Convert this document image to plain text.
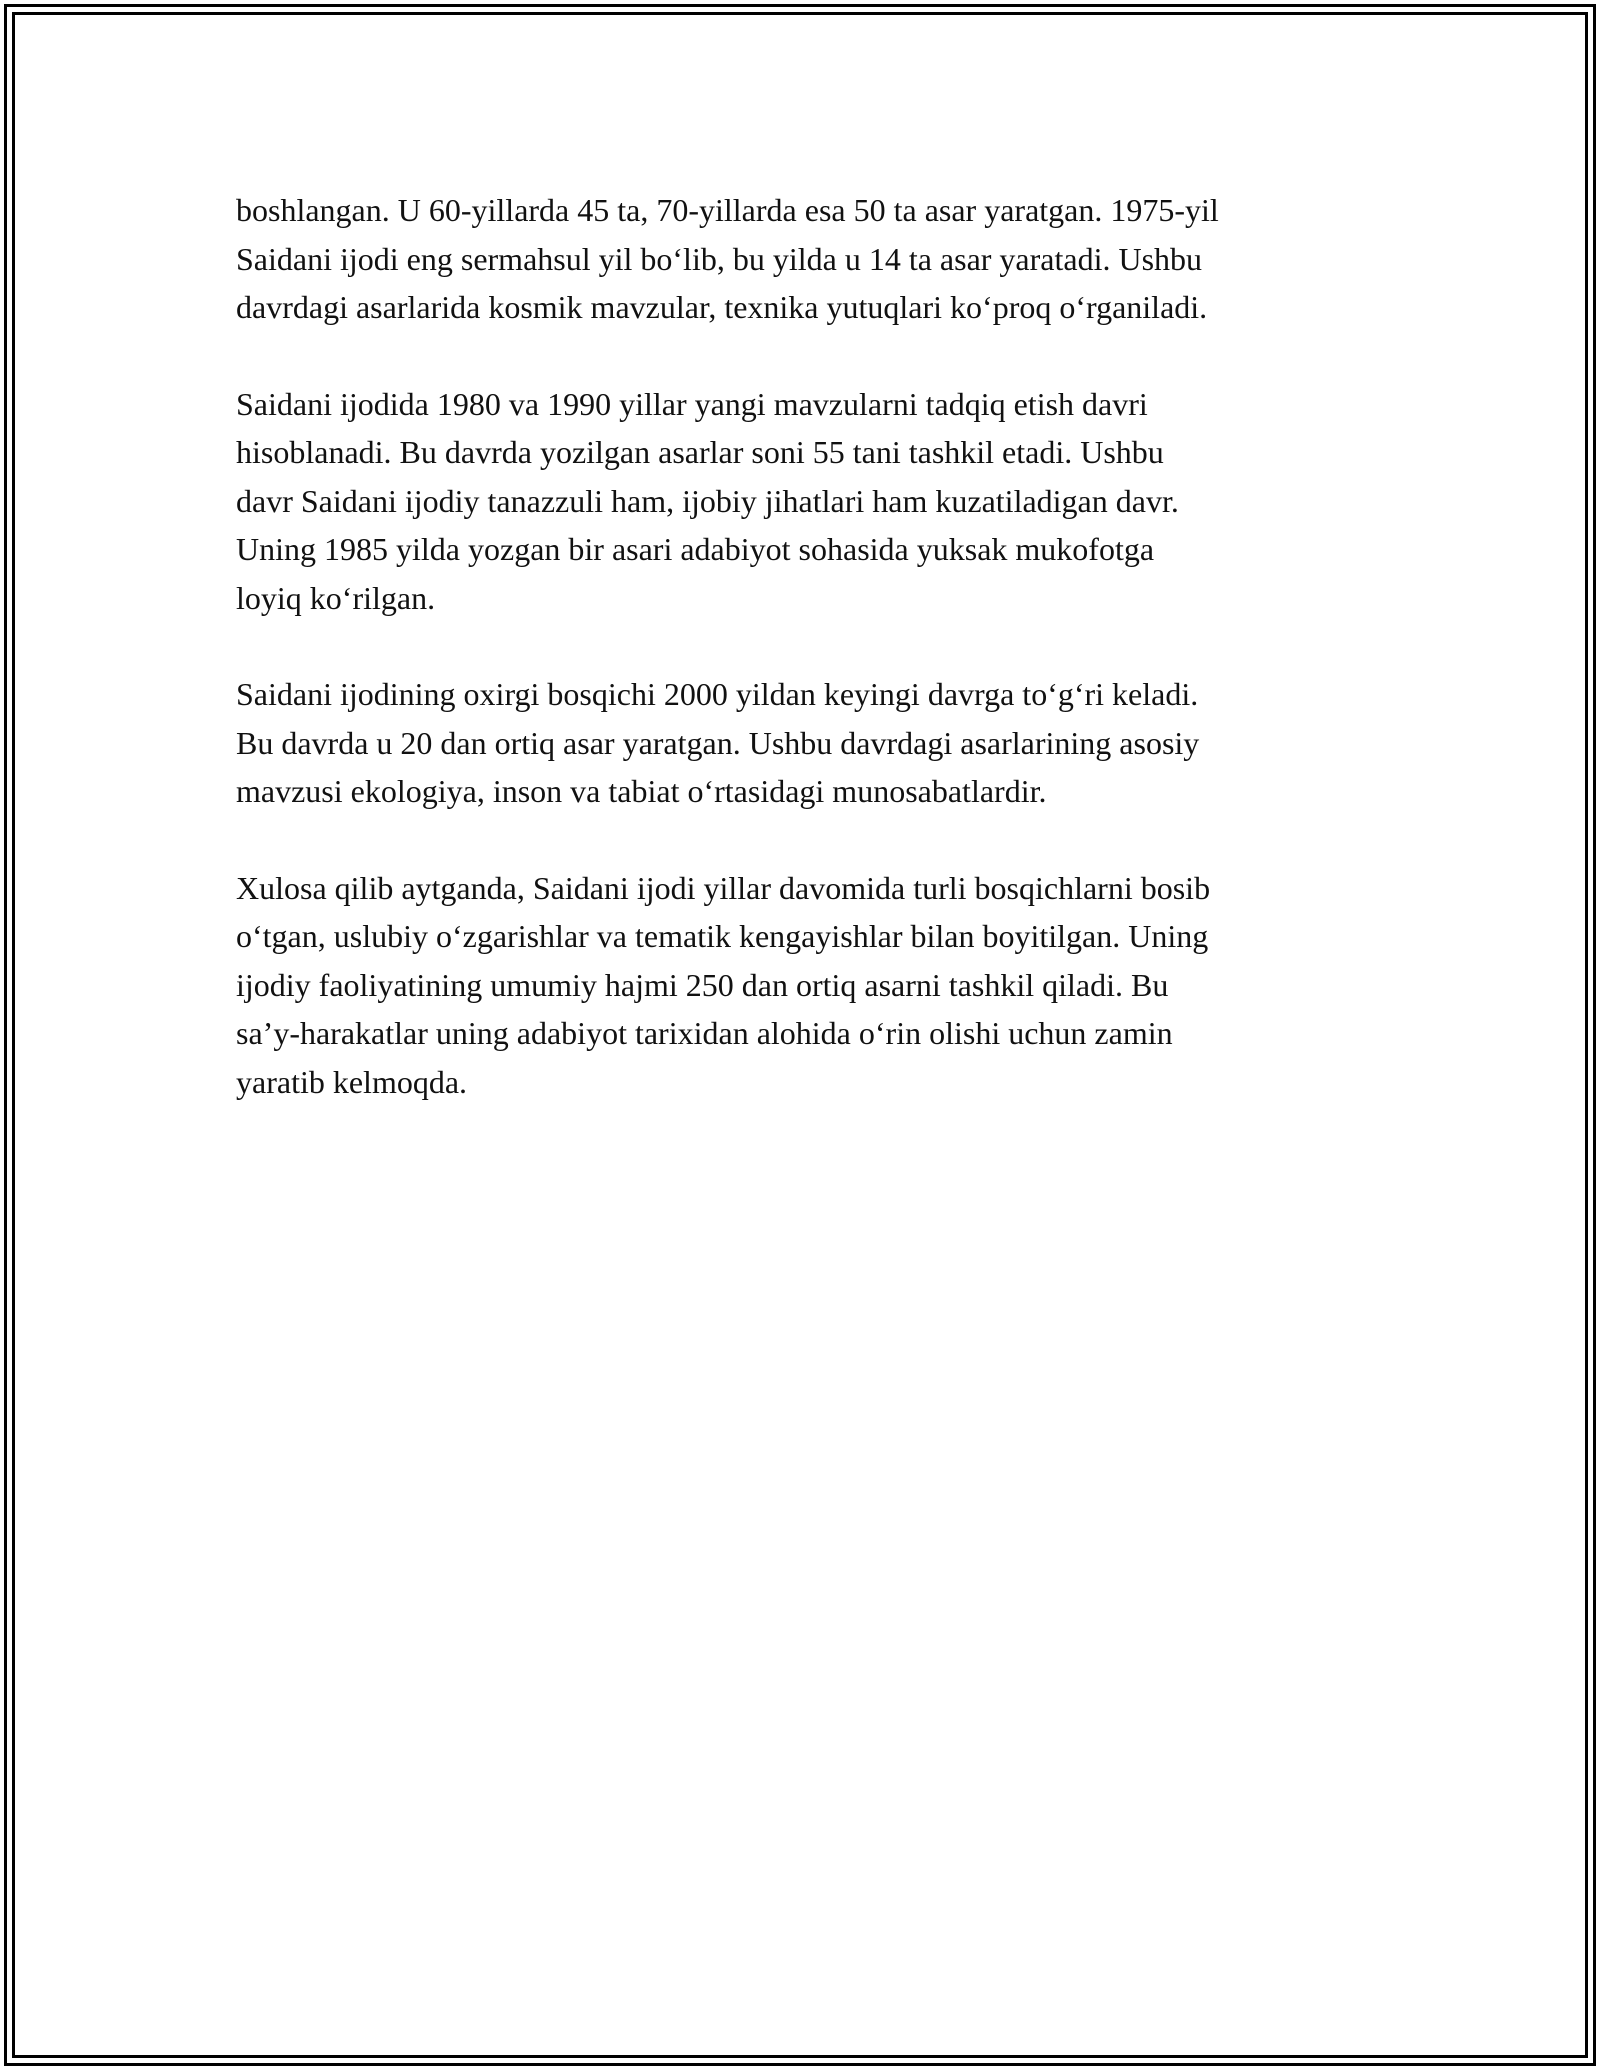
boshlangan. U 60-yillarda 45 ta, 70-yillarda esa 50 ta asar yaratgan. 1975-yil
Saidani ijodi eng sermahsul yil bo‘lib, bu yilda u 14 ta asar yaratadi. Ushbu
davrdagi asarlarida kosmik mavzular, texnika yutuqlari ko‘proq o‘rganiladi.

Saidani ijodida 1980 va 1990 yillar yangi mavzularni tadqiq etish davri
hisoblanadi. Bu davrda yozilgan asarlar soni 55 tani tashkil etadi. Ushbu
davr Saidani ijodiy tanazzuli ham, ijobiy jihatlari ham kuzatiladigan davr.
Uning 1985 yilda yozgan bir asari adabiyot sohasida yuksak mukofotga
loyiq ko‘rilgan.

Saidani ijodining oxirgi bosqichi 2000 yildan keyingi davrga to‘g‘ri keladi.
Bu davrda u 20 dan ortiq asar yaratgan. Ushbu davrdagi asarlarining asosiy
mavzusi ekologiya, inson va tabiat o‘rtasidagi munosabatlardir.

Xulosa qilib aytganda, Saidani ijodi yillar davomida turli bosqichlarni bosib
o‘tgan, uslubiy o‘zgarishlar va tematik kengayishlar bilan boyitilgan. Uning
ijodiy faoliyatining umumiy hajmi 250 dan ortiq asarni tashkil qiladi. Bu
sa’y-harakatlar uning adabiyot tarixidan alohida o‘rin olishi uchun zamin
yaratib kelmoqda.
